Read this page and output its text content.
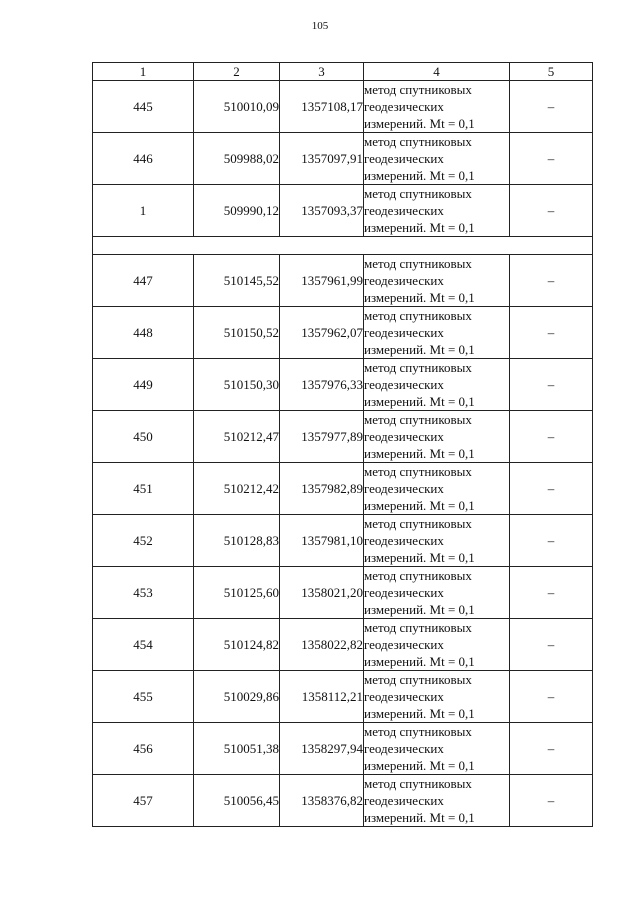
105
1	2	3	4	5
445	510010,09	1357108,17	метод спутниковых
геодезических
измерений. Mt = 0,1	–
446	509988,02	1357097,91	метод спутниковых
геодезических
измерений. Mt = 0,1	–
1	509990,12	1357093,37	метод спутниковых
геодезических
измерений. Mt = 0,1	–

447	510145,52	1357961,99	метод спутниковых
геодезических
измерений. Mt = 0,1	–
448	510150,52	1357962,07	метод спутниковых
геодезических
измерений. Mt = 0,1	–
449	510150,30	1357976,33	метод спутниковых
геодезических
измерений. Mt = 0,1	–
450	510212,47	1357977,89	метод спутниковых
геодезических
измерений. Mt = 0,1	–
451	510212,42	1357982,89	метод спутниковых
геодезических
измерений. Mt = 0,1	–
452	510128,83	1357981,10	метод спутниковых
геодезических
измерений. Mt = 0,1	–
453	510125,60	1358021,20	метод спутниковых
геодезических
измерений. Mt = 0,1	–
454	510124,82	1358022,82	метод спутниковых
геодезических
измерений. Mt = 0,1	–
455	510029,86	1358112,21	метод спутниковых
геодезических
измерений. Mt = 0,1	–
456	510051,38	1358297,94	метод спутниковых
геодезических
измерений. Mt = 0,1	–
457	510056,45	1358376,82	метод спутниковых
геодезических
измерений. Mt = 0,1	–
